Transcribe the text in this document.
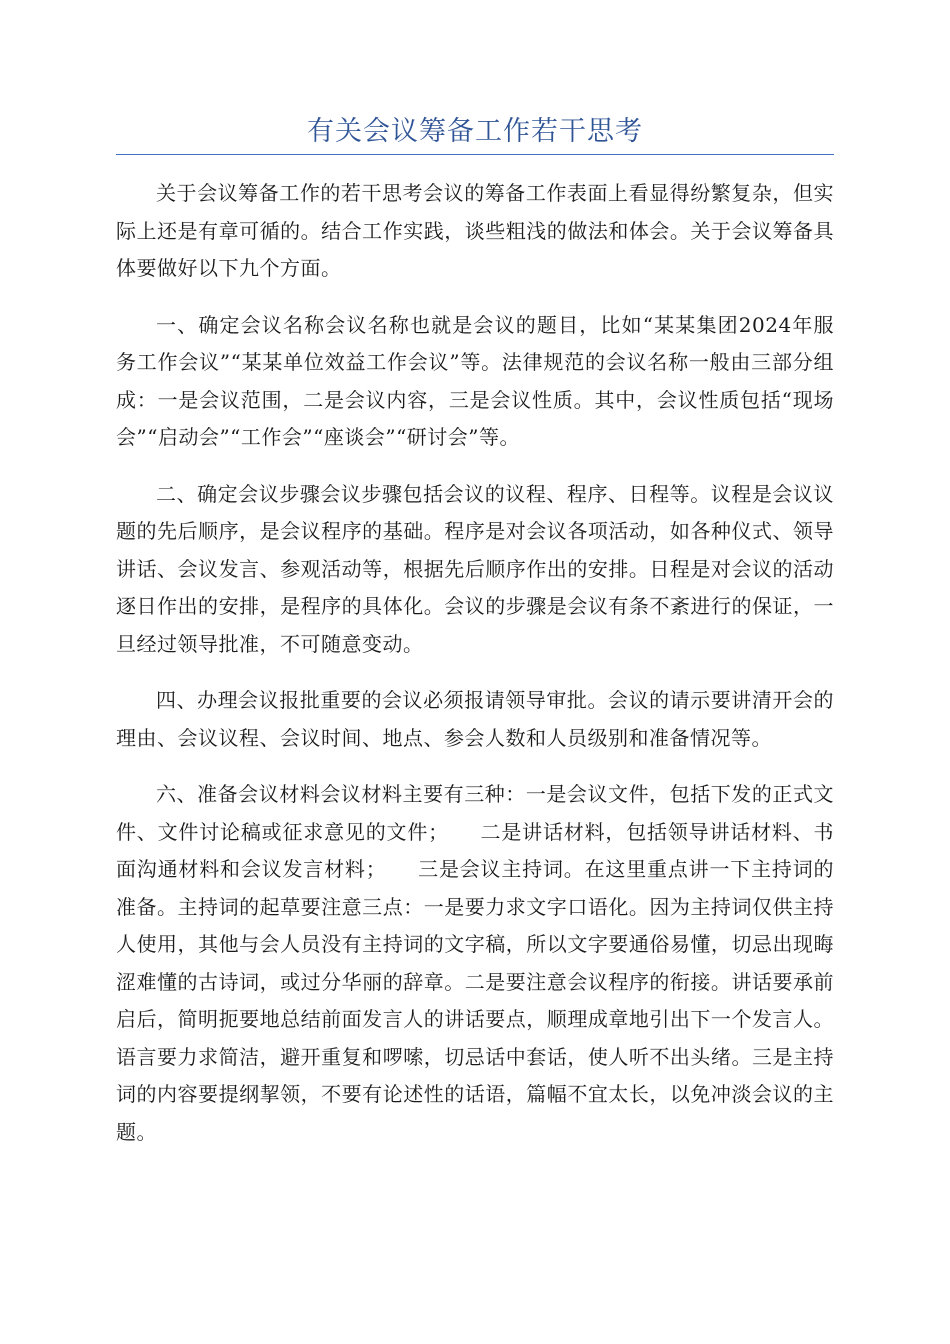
有关会议筹备工作若干思考

关于会议筹备工作的若干思考会议的筹备工作表面上看显得纷繁复杂，但实际上还是有章可循的。结合工作实践，谈些粗浅的做法和体会。关于会议筹备具体要做好以下九个方面。

一、确定会议名称会议名称也就是会议的题目，比如“某某集团2024年服务工作会议”“某某单位效益工作会议”等。法律规范的会议名称一般由三部分组成：一是会议范围，二是会议内容，三是会议性质。其中，会议性质包括“现场会”“启动会”“工作会”“座谈会”“研讨会”等。

二、确定会议步骤会议步骤包括会议的议程、程序、日程等。议程是会议议题的先后顺序，是会议程序的基础。程序是对会议各项活动，如各种仪式、领导讲话、会议发言、参观活动等，根据先后顺序作出的安排。日程是对会议的活动逐日作出的安排，是程序的具体化。会议的步骤是会议有条不紊进行的保证，一旦经过领导批准，不可随意变动。

四、办理会议报批重要的会议必须报请领导审批。会议的请示要讲清开会的理由、会议议程、会议时间、地点、参会人数和人员级别和准备情况等。

六、准备会议材料会议材料主要有三种：一是会议文件，包括下发的正式文件、文件讨论稿或征求意见的文件；　　二是讲话材料，包括领导讲话材料、书面沟通材料和会议发言材料；　　三是会议主持词。在这里重点讲一下主持词的准备。主持词的起草要注意三点：一是要力求文字口语化。因为主持词仅供主持人使用，其他与会人员没有主持词的文字稿，所以文字要通俗易懂，切忌出现晦涩难懂的古诗词，或过分华丽的辞章。二是要注意会议程序的衔接。讲话要承前启后，简明扼要地总结前面发言人的讲话要点，顺理成章地引出下一个发言人。语言要力求简洁，避开重复和啰嗦，切忌话中套话，使人听不出头绪。三是主持词的内容要提纲挈领，不要有论述性的话语，篇幅不宜太长，以免冲淡会议的主题。
